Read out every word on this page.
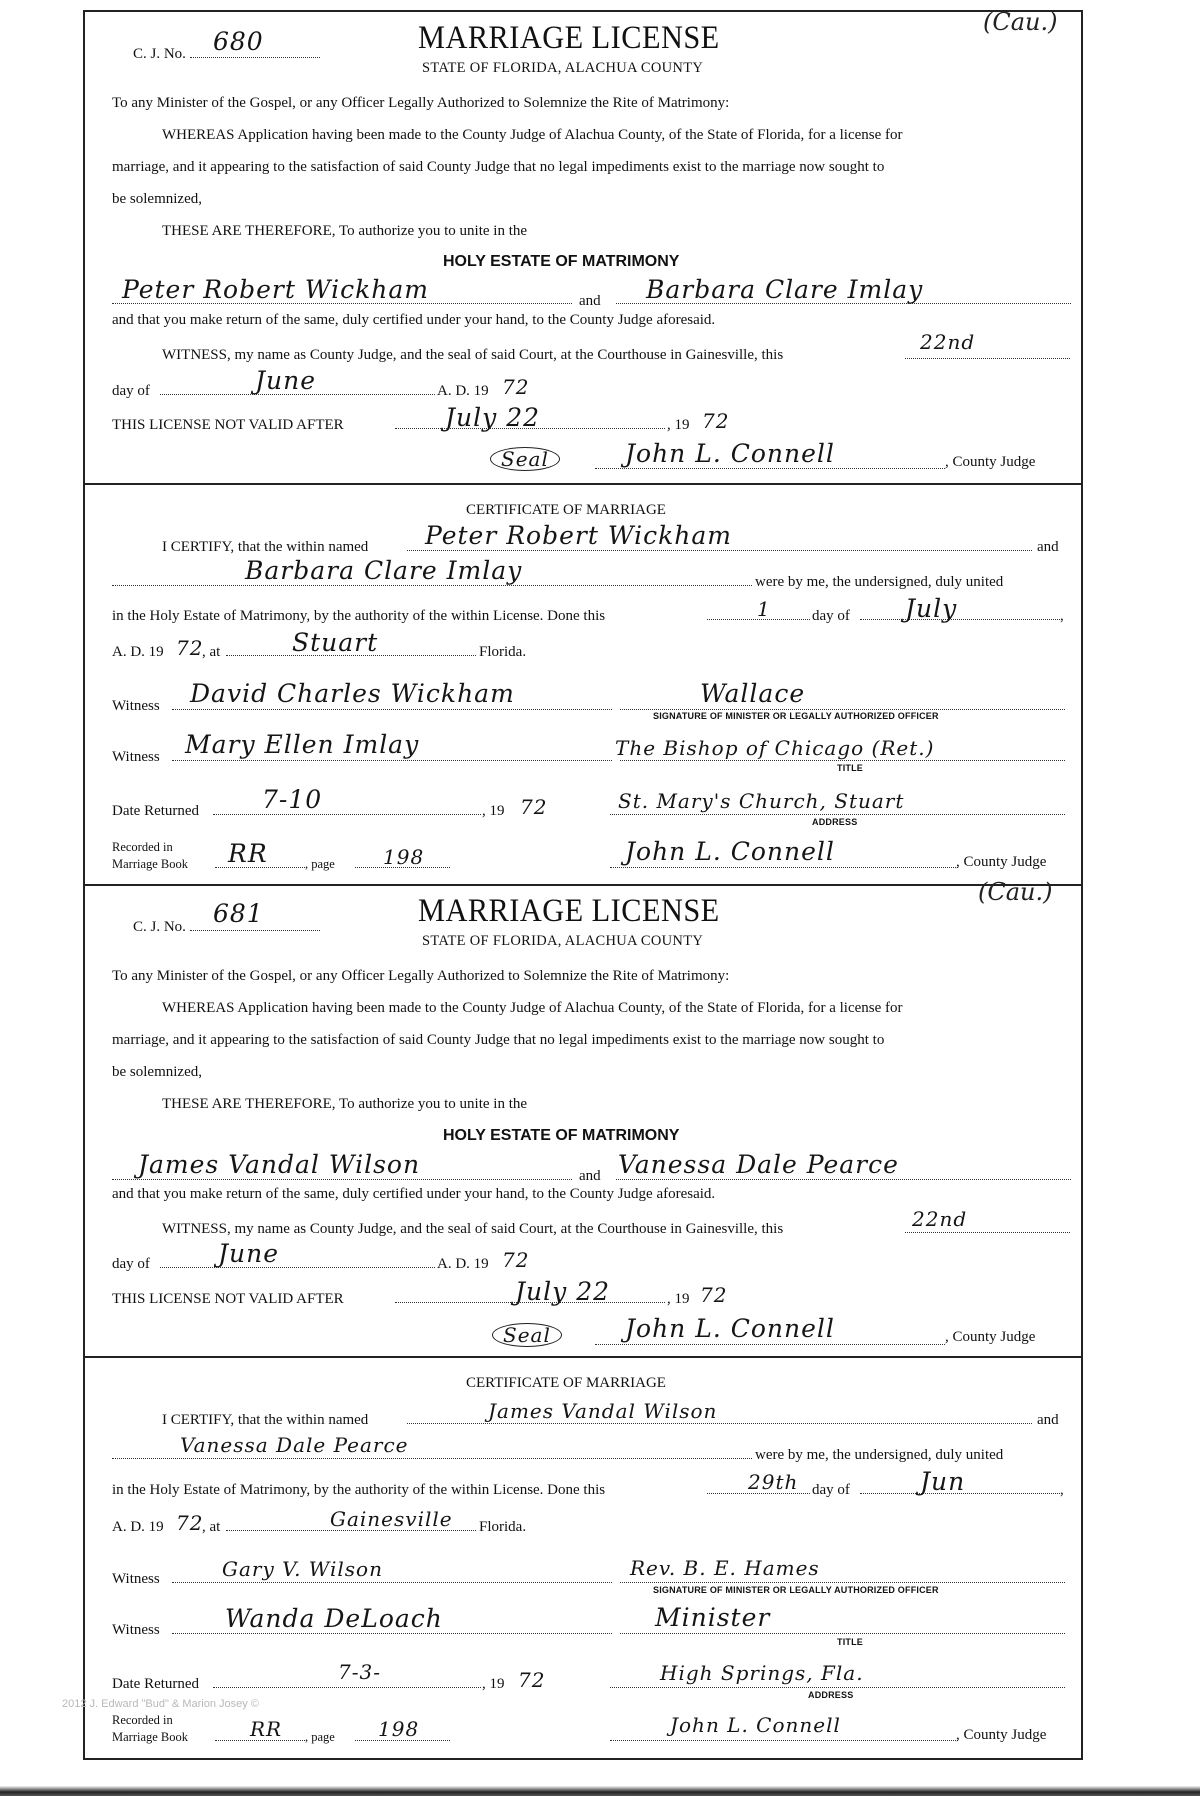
C. J. No. 680
(Cau.)
MARRIAGE LICENSE
STATE OF FLORIDA, ALACHUA COUNTY
To any Minister of the Gospel, or any Officer Legally Authorized to Solemnize the Rite of Matrimony:
WHEREAS Application having been made to the County Judge of Alachua County, of the State of Florida, for a license for
marriage, and it appearing to the satisfaction of said County Judge that no legal impediments exist to the marriage now sought to
be solemnized,
THESE ARE THEREFORE, To authorize you to unite in the
HOLY ESTATE OF MATRIMONY
Peter Robert Wickham	and Barbara Clare Imlay
and that you make return of the same, duly certified under your hand, to the County Judge aforesaid.
WITNESS, my name as County Judge, and the seal of said Court, at the Courthouse in Gainesville, this
22nd
day of	June	A. D. 19 72
THIS LICENSE NOT VALID AFTER	July 22	, 19 72
Seal	John L. Connell	, County Judge
CERTIFICATE OF MARRIAGE
I CERTIFY, that the within named Peter Robert Wickham	and
Barbara Clare Imlay	were by me, the undersigned, duly united
in the Holy Estate of Matrimony, by the authority of the within License. Done this	1	day of July	,
A. D. 19 72
, at	Stuart	Florida.
Witness David Charles Wickham	Wallace
SIGNATURE OF MINISTER OR LEGALLY AUTHORIZED OFFICER
Witness Mary Ellen Imlay	The Bishop of Chicago (Ret.)
TITLE
Date Returned	7-10	, 19 72	St. Mary's Church, Stuart
ADDRESS
Recorded in
Marriage Book RR	, page 198	John L. Connell	, County Judge
C. J. No. 681
(Cau.)
MARRIAGE LICENSE
STATE OF FLORIDA, ALACHUA COUNTY
To any Minister of the Gospel, or any Officer Legally Authorized to Solemnize the Rite of Matrimony:
WHEREAS Application having been made to the County Judge of Alachua County, of the State of Florida, for a license for
marriage, and it appearing to the satisfaction of said County Judge that no legal impediments exist to the marriage now sought to
be solemnized,
THESE ARE THEREFORE, To authorize you to unite in the
HOLY ESTATE OF MATRIMONY
James Vandal Wilson	and Vanessa Dale Pearce
and that you make return of the same, duly certified under your hand, to the County Judge aforesaid.
WITNESS, my name as County Judge, and the seal of said Court, at the Courthouse in Gainesville, this	22nd
day of	June	A. D. 19 72
THIS LICENSE NOT VALID AFTER	July 22	, 19 72
Seal	John L. Connell	, County Judge
CERTIFICATE OF MARRIAGE
I CERTIFY, that the within named	James Vandal Wilson	and
Vanessa Dale Pearce	were by me, the undersigned, duly united
in the Holy Estate of Matrimony, by the authority of the within License. Done this	29th day of	Jun	,
A. D. 19 72
, at	Gainesville Florida.
Witness	Gary V. Wilson	Rev. B. E. Hames
SIGNATURE OF MINISTER OR LEGALLY AUTHORIZED OFFICER
Witness	Wanda DeLoach	Minister
TITLE
Date Returned	7-3-	, 19 72	High Springs, Fla.
ADDRESS
Recorded in
Marriage Book	RR , page 198	John L. Connell	, County Judge
2012 J. Edward "Bud" & Marion Josey ©
